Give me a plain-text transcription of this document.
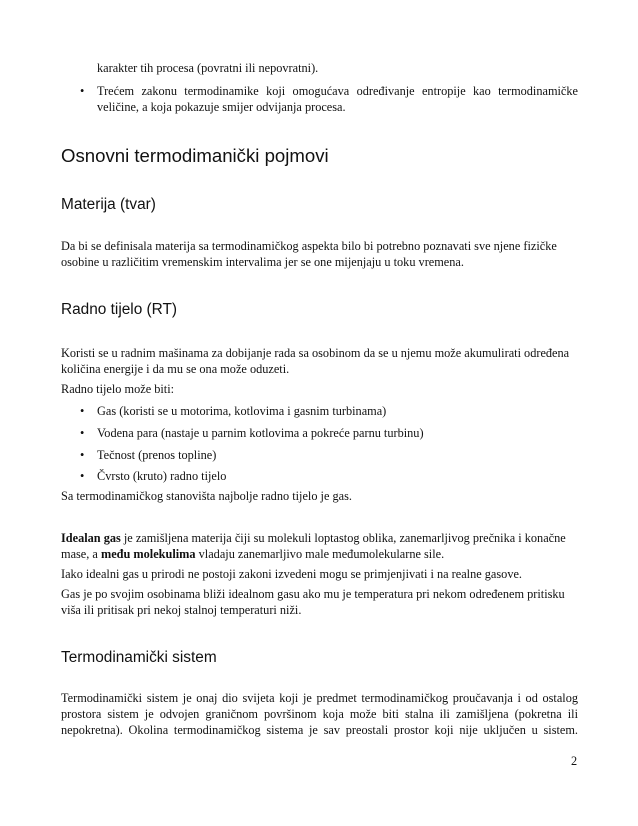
karakter tih procesa (povratni ili nepovratni).

• Trećem zakonu termodinamike koji omogućava određivanje entropije kao termodinamičke

veličine, a koja pokazuje smijer odvijanja procesa.

Osnovni termodimanički pojmovi
Materija (tvar)

Da bi se definisala materija sa termodinamičkog aspekta bilo bi potrebno poznavati sve njene fizičke

osobine u različitim vremenskim intervalima jer se one mijenjaju u toku vremena.

Radno tijelo (RT)

Koristi se u radnim mašinama za dobijanje rada sa osobinom da se u njemu može akumulirati određena

količina energije i da mu se ona može oduzeti.

Radno tijelo može biti:

• Gas (koristi se u motorima, kotlovima i gasnim turbinama)

• Vodena para (nastaje u parnim kotlovima a pokreće parnu turbinu)

• Tečnost (prenos topline)

• Čvrsto (kruto) radno tijelo

Sa termodinamičkog stanovišta najbolje radno tijelo je gas.

Idealan gas je zamišljena materija čiji su molekuli loptastog oblika, zanemarljivog prečnika i konačne

mase, a među molekulima vladaju zanemarljivo male međumolekularne sile.

Iako idealni gas u prirodi ne postoji zakoni izvedeni mogu se primjenjivati i na realne gasove.

Gas je po svojim osobinama bliži idealnom gasu ako mu je temperatura pri nekom određenem pritisku

viša ili pritisak pri nekoj stalnoj temperaturi niži.

Termodinamički sistem

Termodinamički sistem je onaj dio svijeta koji je predmet termodinamičkog proučavanja i od ostalog

prostora sistem je odvojen graničnom površinom koja može biti stalna ili zamišljena (pokretna ili

nepokretna). Okolina termodinamičkog sistema je sav preostali prostor koji nije uključen u sistem.

2
